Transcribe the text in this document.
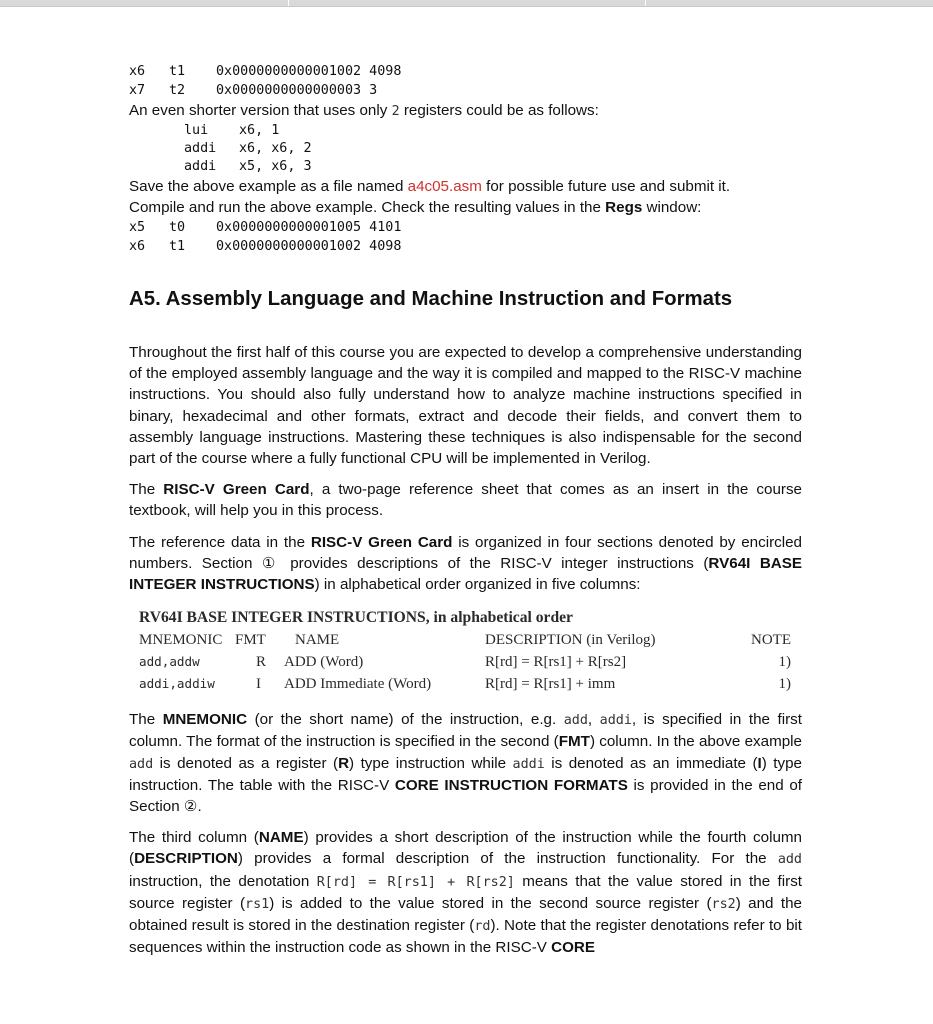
x6 t1 0x0000000000001002 4098
x7 t2 0x0000000000000003 3

An even shorter version that uses only 2 registers could be as follows:

lui x6, 1
addi x6, x6, 2
addi x5, x6, 3

Save the above example as a file named a4c05.asm for possible future use and submit it.

Compile and run the above example. Check the resulting values in the Regs window:

x5 t0 0x0000000000001005 4101
x6 t1 0x0000000000001002 4098
A5. Assembly Language and Machine Instruction and Formats

Throughout the first half of this course you are expected to develop a comprehensive understanding of the employed assembly language and the way it is compiled and mapped to the RISC-V machine instructions. You should also fully understand how to analyze machine instructions specified in binary, hexadecimal and other formats, extract and decode their fields, and convert them to assembly language instructions. Mastering these techniques is also indispensable for the second part of the course where a fully functional CPU will be implemented in Verilog.

The RISC-V Green Card, a two-page reference sheet that comes as an insert in the course textbook, will help you in this process.

The reference data in the RISC-V Green Card is organized in four sections denoted by encircled numbers. Section ① provides descriptions of the RISC-V integer instructions (RV64I BASE INTEGER INSTRUCTIONS) in alphabetical order organized in five columns:

RV64I BASE INTEGER INSTRUCTIONS, in alphabetical order
MNEMONIC FMT NAME	DESCRIPTION (in Verilog)	NOTE
add,addw	R ADD (Word)	R[rd] = R[rs1] + R[rs2]	1)
addi,addiw	I ADD Immediate (Word)	R[rd] = R[rs1] + imm	1)

The MNEMONIC (or the short name) of the instruction, e.g. add, addi, is specified in the first column. The format of the instruction is specified in the second (FMT) column. In the above example add is denoted as a register (R) type instruction while addi is denoted as an immediate (I) type instruction. The table with the RISC-V CORE INSTRUCTION FORMATS is provided in the end of Section ②.

The third column (NAME) provides a short description of the instruction while the fourth column (DESCRIPTION) provides a formal description of the instruction functionality. For the add instruction, the denotation R[rd] = R[rs1] + R[rs2] means that the value stored in the first source register (rs1) is added to the value stored in the second source register (rs2) and the obtained result is stored in the destination register (rd). Note that the register denotations refer to bit sequences within the instruction code as shown in the RISC-V CORE
